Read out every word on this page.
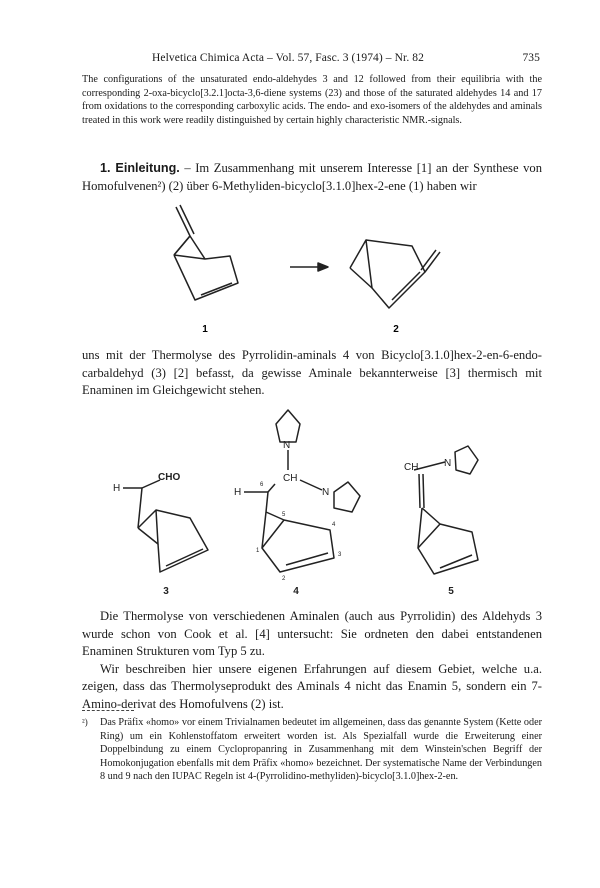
Helvetica Chimica Acta – Vol. 57, Fasc. 3 (1974) – Nr. 82	735
The configurations of the unsaturated endo-aldehydes 3 and 12 followed from their equilibria with the corresponding 2-oxa-bicyclo[3.2.1]octa-3,6-diene systems (23) and those of the saturated aldehydes 14 and 17 from oxidations to the corresponding carboxylic acids. The endo- and exo-isomers of the aldehydes and aminals treated in this work were readily distinguished by certain highly characteristic NMR.-signals.

1. Einleitung. – Im Zusammenhang mit unserem Interesse [1] an der Synthese von Homofulvenen²) (2) über 6-Methyliden-bicyclo[3.1.0]hex-2-ene (1) haben wir

1	2
uns mit der Thermolyse des Pyrrolidin-aminals 4 von Bicyclo[3.1.0]hex-2-en-6-endo-carbaldehyd (3) [2] befasst, da gewisse Aminale bekannterweise [3] thermisch mit Enaminen im Gleichgewicht stehen.
H
CHO
N
CH
N
H
CH	N
6
5
4
1
3
2
3	4	5

Die Thermolyse von verschiedenen Aminalen (auch aus Pyrrolidin) des Aldehyds 3 wurde schon von Cook et al. [4] untersucht: Sie ordneten den dabei entstandenen Enaminen Strukturen vom Typ 5 zu.

Wir beschreiben hier unsere eigenen Erfahrungen auf diesem Gebiet, welche u.a. zeigen, dass das Thermolyseprodukt des Aminals 4 nicht das Enamin 5, sondern ein 7-Amino-derivat des Homofulvens (2) ist.

²)	Das Präfix «homo» vor einem Trivialnamen bedeutet im allgemeinen, dass das genannte System (Kette oder Ring) um ein Kohlenstoffatom erweitert worden ist. Als Spezialfall wurde die Erweiterung einer Doppelbindung zu einem Cyclopropanring in Zusammenhang mit dem Winstein'schen Begriff der Homokonjugation ebenfalls mit dem Präfix «homo» bezeichnet. Der systematische Name der Verbindungen 8 und 9 nach den IUPAC Regeln ist 4-(Pyrrolidino-methyliden)-bicyclo[3.1.0]hex-2-en.
